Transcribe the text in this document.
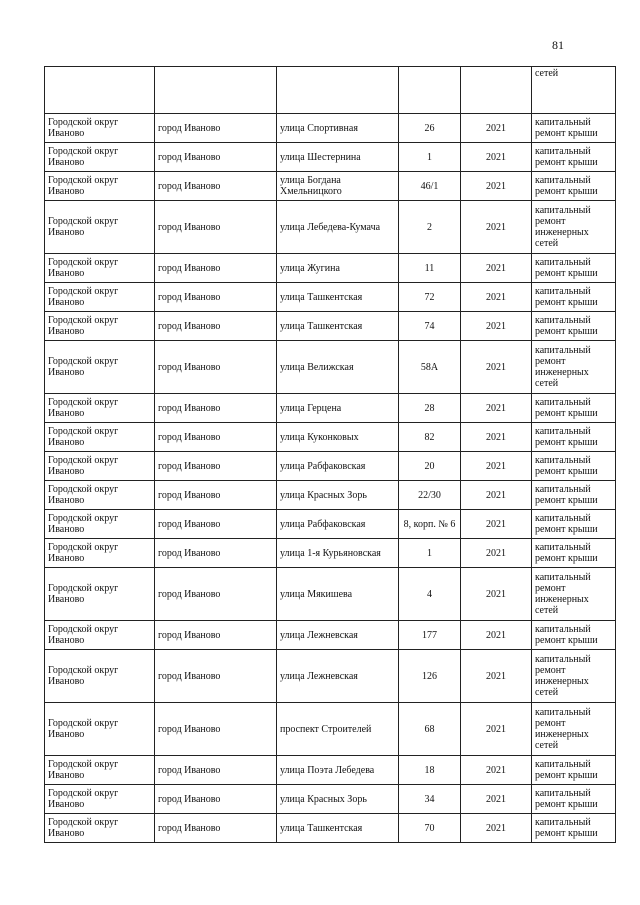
81
					сетей
Городской округ Иваново	город Иваново	улица Спортивная	26	2021	капитальный ремонт крыши
Городской округ Иваново	город Иваново	улица Шестернина	1	2021	капитальный ремонт крыши
Городской округ Иваново	город Иваново	улица Богдана Хмельницкого	46/1	2021	капитальный ремонт крыши
Городской округ Иваново	город Иваново	улица Лебедева-Кумача	2	2021	капитальный ремонт инженерных сетей
Городской округ Иваново	город Иваново	улица Жугина	11	2021	капитальный ремонт крыши
Городской округ Иваново	город Иваново	улица Ташкентская	72	2021	капитальный ремонт крыши
Городской округ Иваново	город Иваново	улица Ташкентская	74	2021	капитальный ремонт крыши
Городской округ Иваново	город Иваново	улица Велижская	58А	2021	капитальный ремонт инженерных сетей
Городской округ Иваново	город Иваново	улица Герцена	28	2021	капитальный ремонт крыши
Городской округ Иваново	город Иваново	улица Куконковых	82	2021	капитальный ремонт крыши
Городской округ Иваново	город Иваново	улица Рабфаковская	20	2021	капитальный ремонт крыши
Городской округ Иваново	город Иваново	улица Красных Зорь	22/30	2021	капитальный ремонт крыши
Городской округ Иваново	город Иваново	улица Рабфаковская	8, корп. № 6	2021	капитальный ремонт крыши
Городской округ Иваново	город Иваново	улица 1-я Курьяновская	1	2021	капитальный ремонт крыши
Городской округ Иваново	город Иваново	улица Мякишева	4	2021	капитальный ремонт инженерных сетей
Городской округ Иваново	город Иваново	улица Лежневская	177	2021	капитальный ремонт крыши
Городской округ Иваново	город Иваново	улица Лежневская	126	2021	капитальный ремонт инженерных сетей
Городской округ Иваново	город Иваново	проспект Строителей	68	2021	капитальный ремонт инженерных сетей
Городской округ Иваново	город Иваново	улица Поэта Лебедева	18	2021	капитальный ремонт крыши
Городской округ Иваново	город Иваново	улица Красных Зорь	34	2021	капитальный ремонт крыши
Городской округ Иваново	город Иваново	улица Ташкентская	70	2021	капитальный ремонт крыши
